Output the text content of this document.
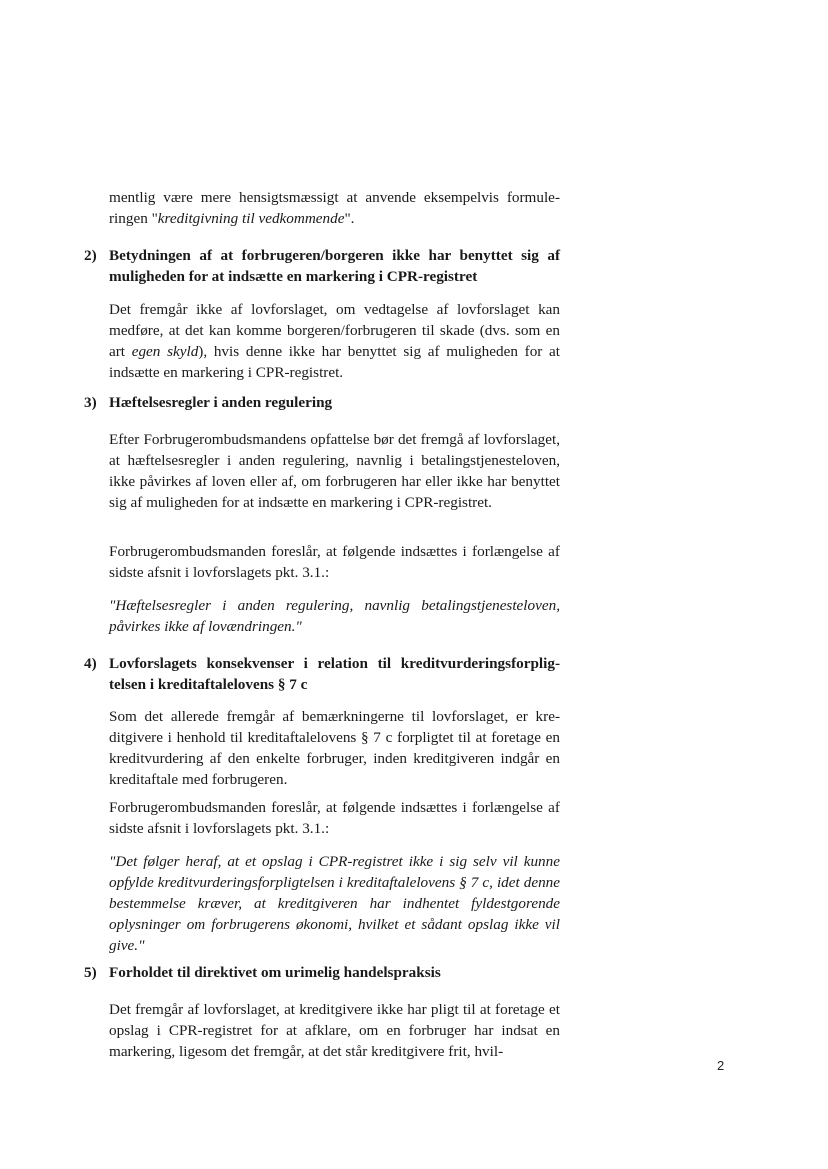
mentlig være mere hensigtsmæssigt at anvende eksempelvis formuleringen "kreditgivning til vedkommende".

2) Betydningen af at forbrugeren/borgeren ikke har benyttet sig af muligheden for at indsætte en markering i CPR-registret

Det fremgår ikke af lovforslaget, om vedtagelse af lovforslaget kan medføre, at det kan komme borgeren/forbrugeren til skade (dvs. som en art egen skyld), hvis denne ikke har benyttet sig af muligheden for at indsætte en markering i CPR-registret.

3) Hæftelsesregler i anden regulering

Efter Forbrugerombudsmandens opfattelse bør det fremgå af lovforslaget, at hæftelsesregler i anden regulering, navnlig i betalingstjenesteloven, ikke påvirkes af loven eller af, om forbrugeren har eller ikke har benyttet sig af muligheden for at indsætte en markering i CPR-registret.

Forbrugerombudsmanden foreslår, at følgende indsættes i forlængelse af sidste afsnit i lovforslagets pkt. 3.1.:

"Hæftelsesregler i anden regulering, navnlig betalingstjenesteloven, påvirkes ikke af lovændringen."

4) Lovforslagets konsekvenser i relation til kreditvurderingsforpligtelsen i kreditaftalelovens § 7 c

Som det allerede fremgår af bemærkningerne til lovforslaget, er kreditgivere i henhold til kreditaftalelovens § 7 c forpligtet til at foretage en kreditvurdering af den enkelte forbruger, inden kreditgiveren indgår en kreditaftale med forbrugeren.

Forbrugerombudsmanden foreslår, at følgende indsættes i forlængelse af sidste afsnit i lovforslagets pkt. 3.1.:

"Det følger heraf, at et opslag i CPR-registret ikke i sig selv vil kunne opfylde kreditvurderingsforpligtelsen i kreditaftalelovens § 7 c, idet denne bestemmelse kræver, at kreditgiveren har indhentet fyldestgorende oplysninger om forbrugerens økonomi, hvilket et sådant opslag ikke vil give."

5) Forholdet til direktivet om urimelig handelspraksis

Det fremgår af lovforslaget, at kreditgivere ikke har pligt til at foretage et opslag i CPR-registret for at afklare, om en forbruger har indsat en markering, ligesom det fremgår, at det står kreditgivere frit, hvil-

2
